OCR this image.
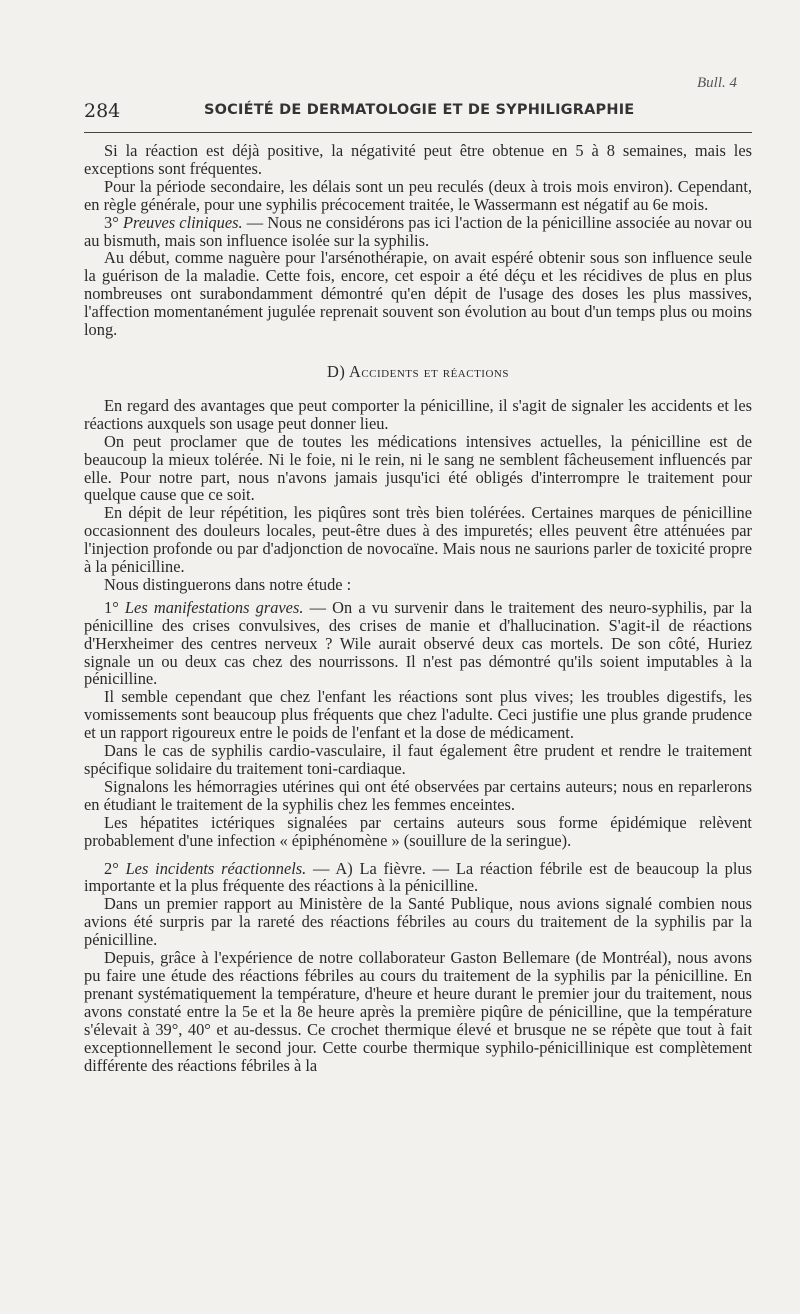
Bull. 4
284	SOCIÉTÉ DE DERMATOLOGIE ET DE SYPHILIGRAPHIE

Si la réaction est déjà positive, la négativité peut être obtenue en 5 à 8 semaines, mais les exceptions sont fréquentes.

Pour la période secondaire, les délais sont un peu reculés (deux à trois mois environ). Cependant, en règle générale, pour une syphilis précocement traitée, le Wassermann est négatif au 6e mois.

3° Preuves cliniques. — Nous ne considérons pas ici l'action de la pénicilline associée au novar ou au bismuth, mais son influence isolée sur la syphilis.

Au début, comme naguère pour l'arsénothérapie, on avait espéré obtenir sous son influence seule la guérison de la maladie. Cette fois, encore, cet espoir a été déçu et les récidives de plus en plus nombreuses ont surabondamment démontré qu'en dépit de l'usage des doses les plus massives, l'affection momentanément jugulée reprenait souvent son évolution au bout d'un temps plus ou moins long.

D) Accidents et réactions

En regard des avantages que peut comporter la pénicilline, il s'agit de signaler les accidents et les réactions auxquels son usage peut donner lieu.

On peut proclamer que de toutes les médications intensives actuelles, la pénicilline est de beaucoup la mieux tolérée. Ni le foie, ni le rein, ni le sang ne semblent fâcheusement influencés par elle. Pour notre part, nous n'avons jamais jusqu'ici été obligés d'interrompre le traitement pour quelque cause que ce soit.

En dépit de leur répétition, les piqûres sont très bien tolérées. Certaines marques de pénicilline occasionnent des douleurs locales, peut-être dues à des impuretés; elles peuvent être atténuées par l'injection profonde ou par d'adjonction de novocaïne. Mais nous ne saurions parler de toxicité propre à la pénicilline.

Nous distinguerons dans notre étude :

1° Les manifestations graves. — On a vu survenir dans le traitement des neuro-syphilis, par la pénicilline des crises convulsives, des crises de manie et d'hallucination. S'agit-il de réactions d'Herxheimer des centres nerveux ? Wile aurait observé deux cas mortels. De son côté, Huriez signale un ou deux cas chez des nourrissons. Il n'est pas démontré qu'ils soient imputables à la pénicilline.

Il semble cependant que chez l'enfant les réactions sont plus vives; les troubles digestifs, les vomissements sont beaucoup plus fréquents que chez l'adulte. Ceci justifie une plus grande prudence et un rapport rigoureux entre le poids de l'enfant et la dose de médicament.

Dans le cas de syphilis cardio-vasculaire, il faut également être prudent et rendre le traitement spécifique solidaire du traitement toni-cardiaque.

Signalons les hémorragies utérines qui ont été observées par certains auteurs; nous en reparlerons en étudiant le traitement de la syphilis chez les femmes enceintes.

Les hépatites ictériques signalées par certains auteurs sous forme épidémique relèvent probablement d'une infection « épiphénomène » (souillure de la seringue).

2° Les incidents réactionnels. — A) La fièvre. — La réaction fébrile est de beaucoup la plus importante et la plus fréquente des réactions à la pénicilline.

Dans un premier rapport au Ministère de la Santé Publique, nous avions signalé combien nous avions été surpris par la rareté des réactions fébriles au cours du traitement de la syphilis par la pénicilline.

Depuis, grâce à l'expérience de notre collaborateur Gaston Bellemare (de Montréal), nous avons pu faire une étude des réactions fébriles au cours du traitement de la syphilis par la pénicilline. En prenant systématiquement la température, d'heure et heure durant le premier jour du traitement, nous avons constaté entre la 5e et la 8e heure après la première piqûre de pénicilline, que la température s'élevait à 39°, 40° et au-dessus. Ce crochet thermique élevé et brusque ne se répète que tout à fait exceptionnellement le second jour. Cette courbe thermique syphilo-pénicillinique est complètement différente des réactions fébriles à la
